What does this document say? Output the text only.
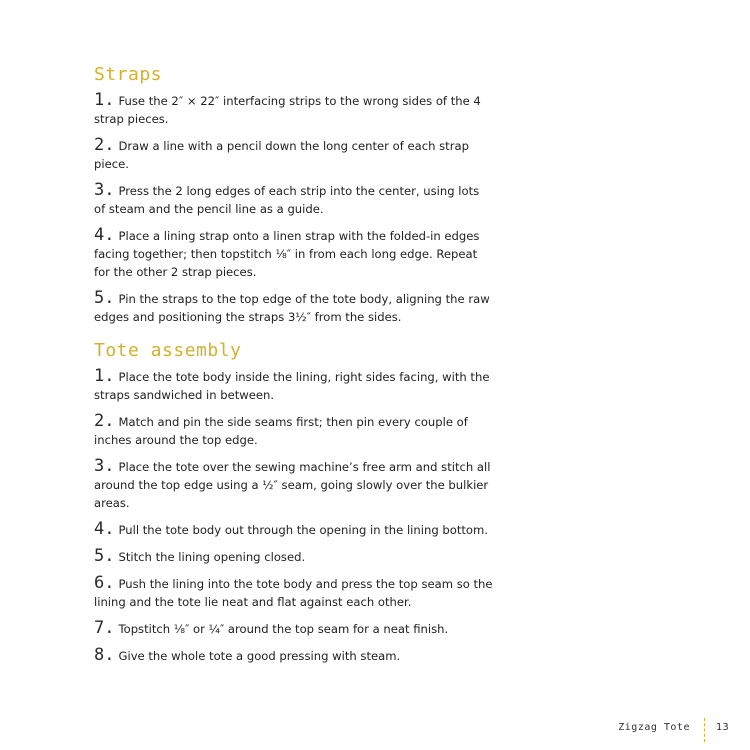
Straps
1. Fuse the 2″ × 22″ interfacing strips to the wrong sides of the 4 strap pieces.
2. Draw a line with a pencil down the long center of each strap piece.
3. Press the 2 long edges of each strip into the center, using lots of steam and the pencil line as a guide.
4. Place a lining strap onto a linen strap with the folded-in edges facing together; then topstitch ⅛″ in from each long edge. Repeat for the other 2 strap pieces.
5. Pin the straps to the top edge of the tote body, aligning the raw edges and positioning the straps 3½″ from the sides.
Tote assembly
1. Place the tote body inside the lining, right sides facing, with the straps sandwiched in between.
2. Match and pin the side seams first; then pin every couple of inches around the top edge.
3. Place the tote over the sewing machine’s free arm and stitch all around the top edge using a ½″ seam, going slowly over the bulkier areas.
4. Pull the tote body out through the opening in the lining bottom.
5. Stitch the lining opening closed.
6. Push the lining into the tote body and press the top seam so the lining and the tote lie neat and flat against each other.
7. Topstitch ⅛″ or ¼″ around the top seam for a neat finish.
8. Give the whole tote a good pressing with steam.
Zigzag Tote	13
